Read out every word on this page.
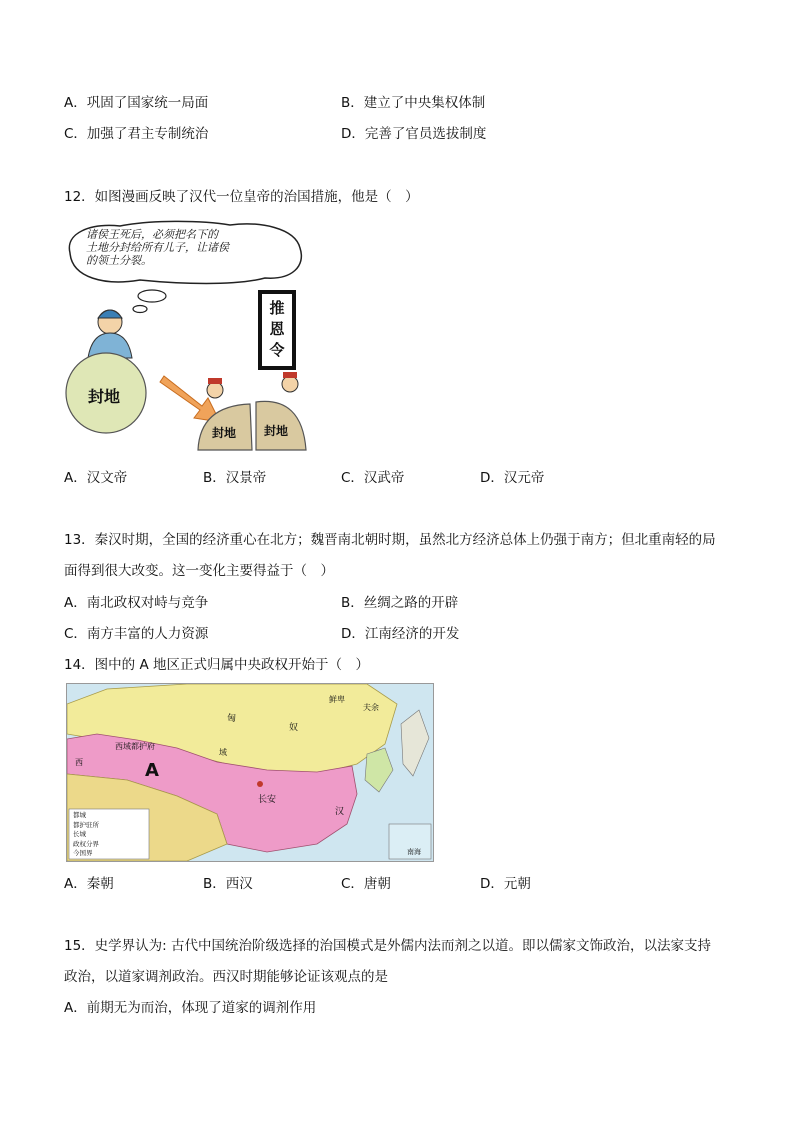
A．巩固了国家统一局面	B．建立了中央集权体制
C．加强了君主专制统治	D．完善了官员选拔制度
12．如图漫画反映了汉代一位皇帝的治国措施，他是（　）
诸侯王死后，必须把名下的
土地分封给所有儿子，让诸侯
的领土分裂。
推
恩
令
封地
封地 封地
A．汉文帝	B．汉景帝	C．汉武帝	D．汉元帝
13．秦汉时期，全国的经济重心在北方；魏晋南北朝时期，虽然北方经济总体上仍强于南方；但北重南轻的局
面得到很大改变。这一变化主要得益于（　）
A．南北政权对峙与竞争	B．丝绸之路的开辟
C．南方丰富的人力资源	D．江南经济的开发
14．图中的 A 地区正式归属中央政权开始于（　）
A
西域都护府
西
域
长安
汉
匈
奴
鲜卑
夫余
南海
都城
都护驻所
长城
政权分界
今国界
A．秦朝	B．西汉	C．唐朝	D．元朝
15．史学界认为: 古代中国统治阶级选择的治国模式是外儒内法而剂之以道。即以儒家文饰政治，以法家支持
政治，以道家调剂政治。西汉时期能够论证该观点的是
A．前期无为而治，体现了道家的调剂作用
